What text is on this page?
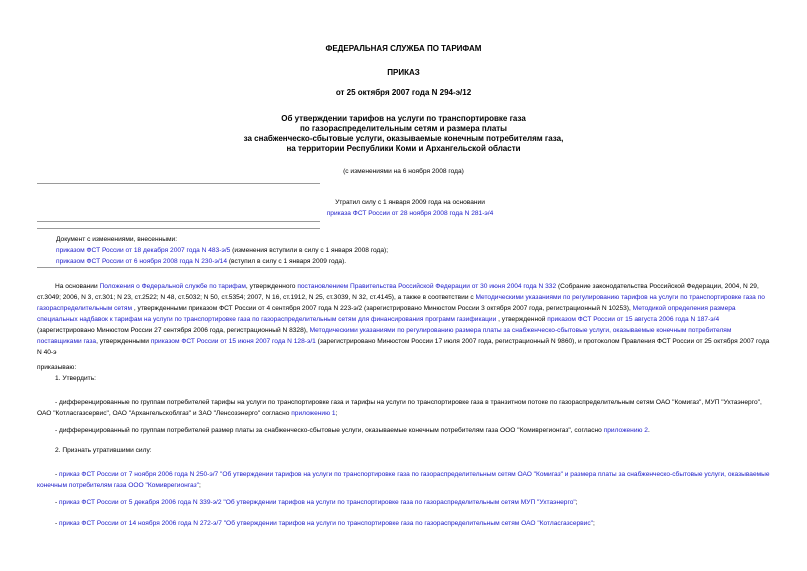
ФЕДЕРАЛЬНАЯ СЛУЖБА ПО ТАРИФАМ
ПРИКАЗ
от 25 октября 2007 года N 294-э/12
Об утверждении тарифов на услуги по транспортировке газа
по газораспределительным сетям и размера платы
за снабженческо-сбытовые услуги, оказываемые конечным потребителям газа,
на территории Республики Коми и Архангельской области
(с изменениями на 6 ноября 2008 года)
Утратил силу с 1 января 2009 года на основании
приказа ФСТ России от 28 ноября 2008 года N 281-э/4
Документ с изменениями, внесенными:
приказом ФСТ России от 18 декабря 2007 года N 483-э/5 (изменения вступили в силу с 1 января 2008 года);
приказом ФСТ России от 6 ноября 2008 года N 230-э/14 (вступил в силу с 1 января 2009 года).
На основании Положения о Федеральной службе по тарифам, утвержденного постановлением Правительства Российской Федерации от 30 июня 2004 года N 332 (Собрание законодательства Российской Федерации, 2004, N 29, ст.3049; 2006, N 3, ст.301; N 23, ст.2522; N 48, ст.5032; N 50, ст.5354; 2007, N 16, ст.1912, N 25, ст.3039, N 32, ст.4145), а также в соответствии с Методическими указаниями по регулированию тарифов на услуги по транспортировке газа по газораспределительным сетям , утвержденными приказом ФСТ России от 4 сентября 2007 года N 223-э/2 (зарегистрировано Минюстом России 3 октября 2007 года, регистрационный N 10253), Методикой определения размера специальных надбавок к тарифам на услуги по транспортировке газа по газораспределительным сетям для финансирования программ газификации , утвержденной приказом ФСТ России от 15 августа 2006 года N 187-э/4 (зарегистрировано Минюстом России 27 сентября 2006 года, регистрационный N 8328), Методическими указаниями по регулированию размера платы за снабженческо-сбытовые услуги, оказываемые конечным потребителям поставщиками газа, утвержденными приказом ФСТ России от 15 июня 2007 года N 128-э/1 (зарегистрировано Минюстом России 17 июля 2007 года, регистрационный N 9860), и протоколом Правления ФСТ России от 25 октября 2007 года N 40-э
приказываю:
1. Утвердить:
- дифференцированные по группам потребителей тарифы на услуги по транспортировке газа и тарифы на услуги по транспортировке газа в транзитном потоке по газораспределительным сетям ОАО "Комигаз", МУП "Ухтаэнерго", ОАО "Котласгазсервис", ОАО "Архангельскоблгаз" и ЗАО "Ленсозэнерго" согласно приложению 1;
- дифференцированный по группам потребителей размер платы за снабженческо-сбытовые услуги, оказываемые конечным потребителям газа ООО "Комиврегионгаз", согласно приложению 2.
2. Признать утратившими силу:
- приказ ФСТ России от 7 ноября 2006 года N 250-э/7 "Об утверждении тарифов на услуги по транспортировке газа по газораспределительным сетям ОАО "Комигаз" и размера платы за снабженческо-сбытовые услуги, оказываемые конечным потребителям газа ООО "Комиврегионгаз";
- приказ ФСТ России от 5 декабря 2006 года N 339-э/2 "Об утверждении тарифов на услуги по транспортировке газа по газораспределительным сетям МУП "Ухтаэнерго";
- приказ ФСТ России от 14 ноября 2006 года N 272-э/7 "Об утверждении тарифов на услуги по транспортировке газа по газораспределительным сетям ОАО "Котласгазсервис";
